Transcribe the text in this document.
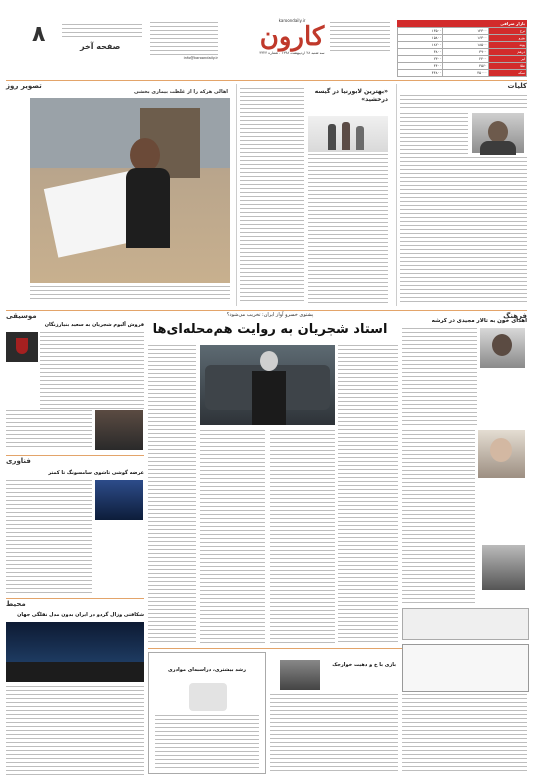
بازار صرافی
نرخ	۱۴۳۰۰	۱۳۵۰۰
یورو	۱۶۳۰۰	۱۵۸۰۰
پوند	۱۸۵۰۰	۱۸۲۰۰
درهم	۳۹۰۰	۳۸۰۰
لیر	۲۴۰۰	۲۳۰۰
طلا	۴۵۶۰	۴۴۰۰
سکه	۴۵۰۰۰	۴۴۸۰۰
karoondaily.ir
کارون
سه شنبه ۲۸ اردیبهشت ۱۳۹۸ . شماره ۳۳۲۴
info@karoondaily.ir
۸	صفحه آخر
کلیات
تصویر روز
«بهترین لابورنیا در گیسه درخشید»
اهالی هرکه را از غلظت بیماری بخشی
فرهنگ
موسیقی	پشتوی خسرو آواز ایران: تخریب می‌شود؟
استاد شجریان به روایت هم‌محله‌ای‌ها
اهدای خون به تالار مجیدی در کرشه
فروش آلبوم شجریان به سعید بنیارزنگان
فناوری
عرضه گوشی تاشوی سامسونگ تا کمتر
محیط
شکافتی وزال گردو در ایران بدون مدل نفلگی جهان
رشد بیشتری، دراسبه‌ای موادری
بازی با خ و دهیت خوارجک
